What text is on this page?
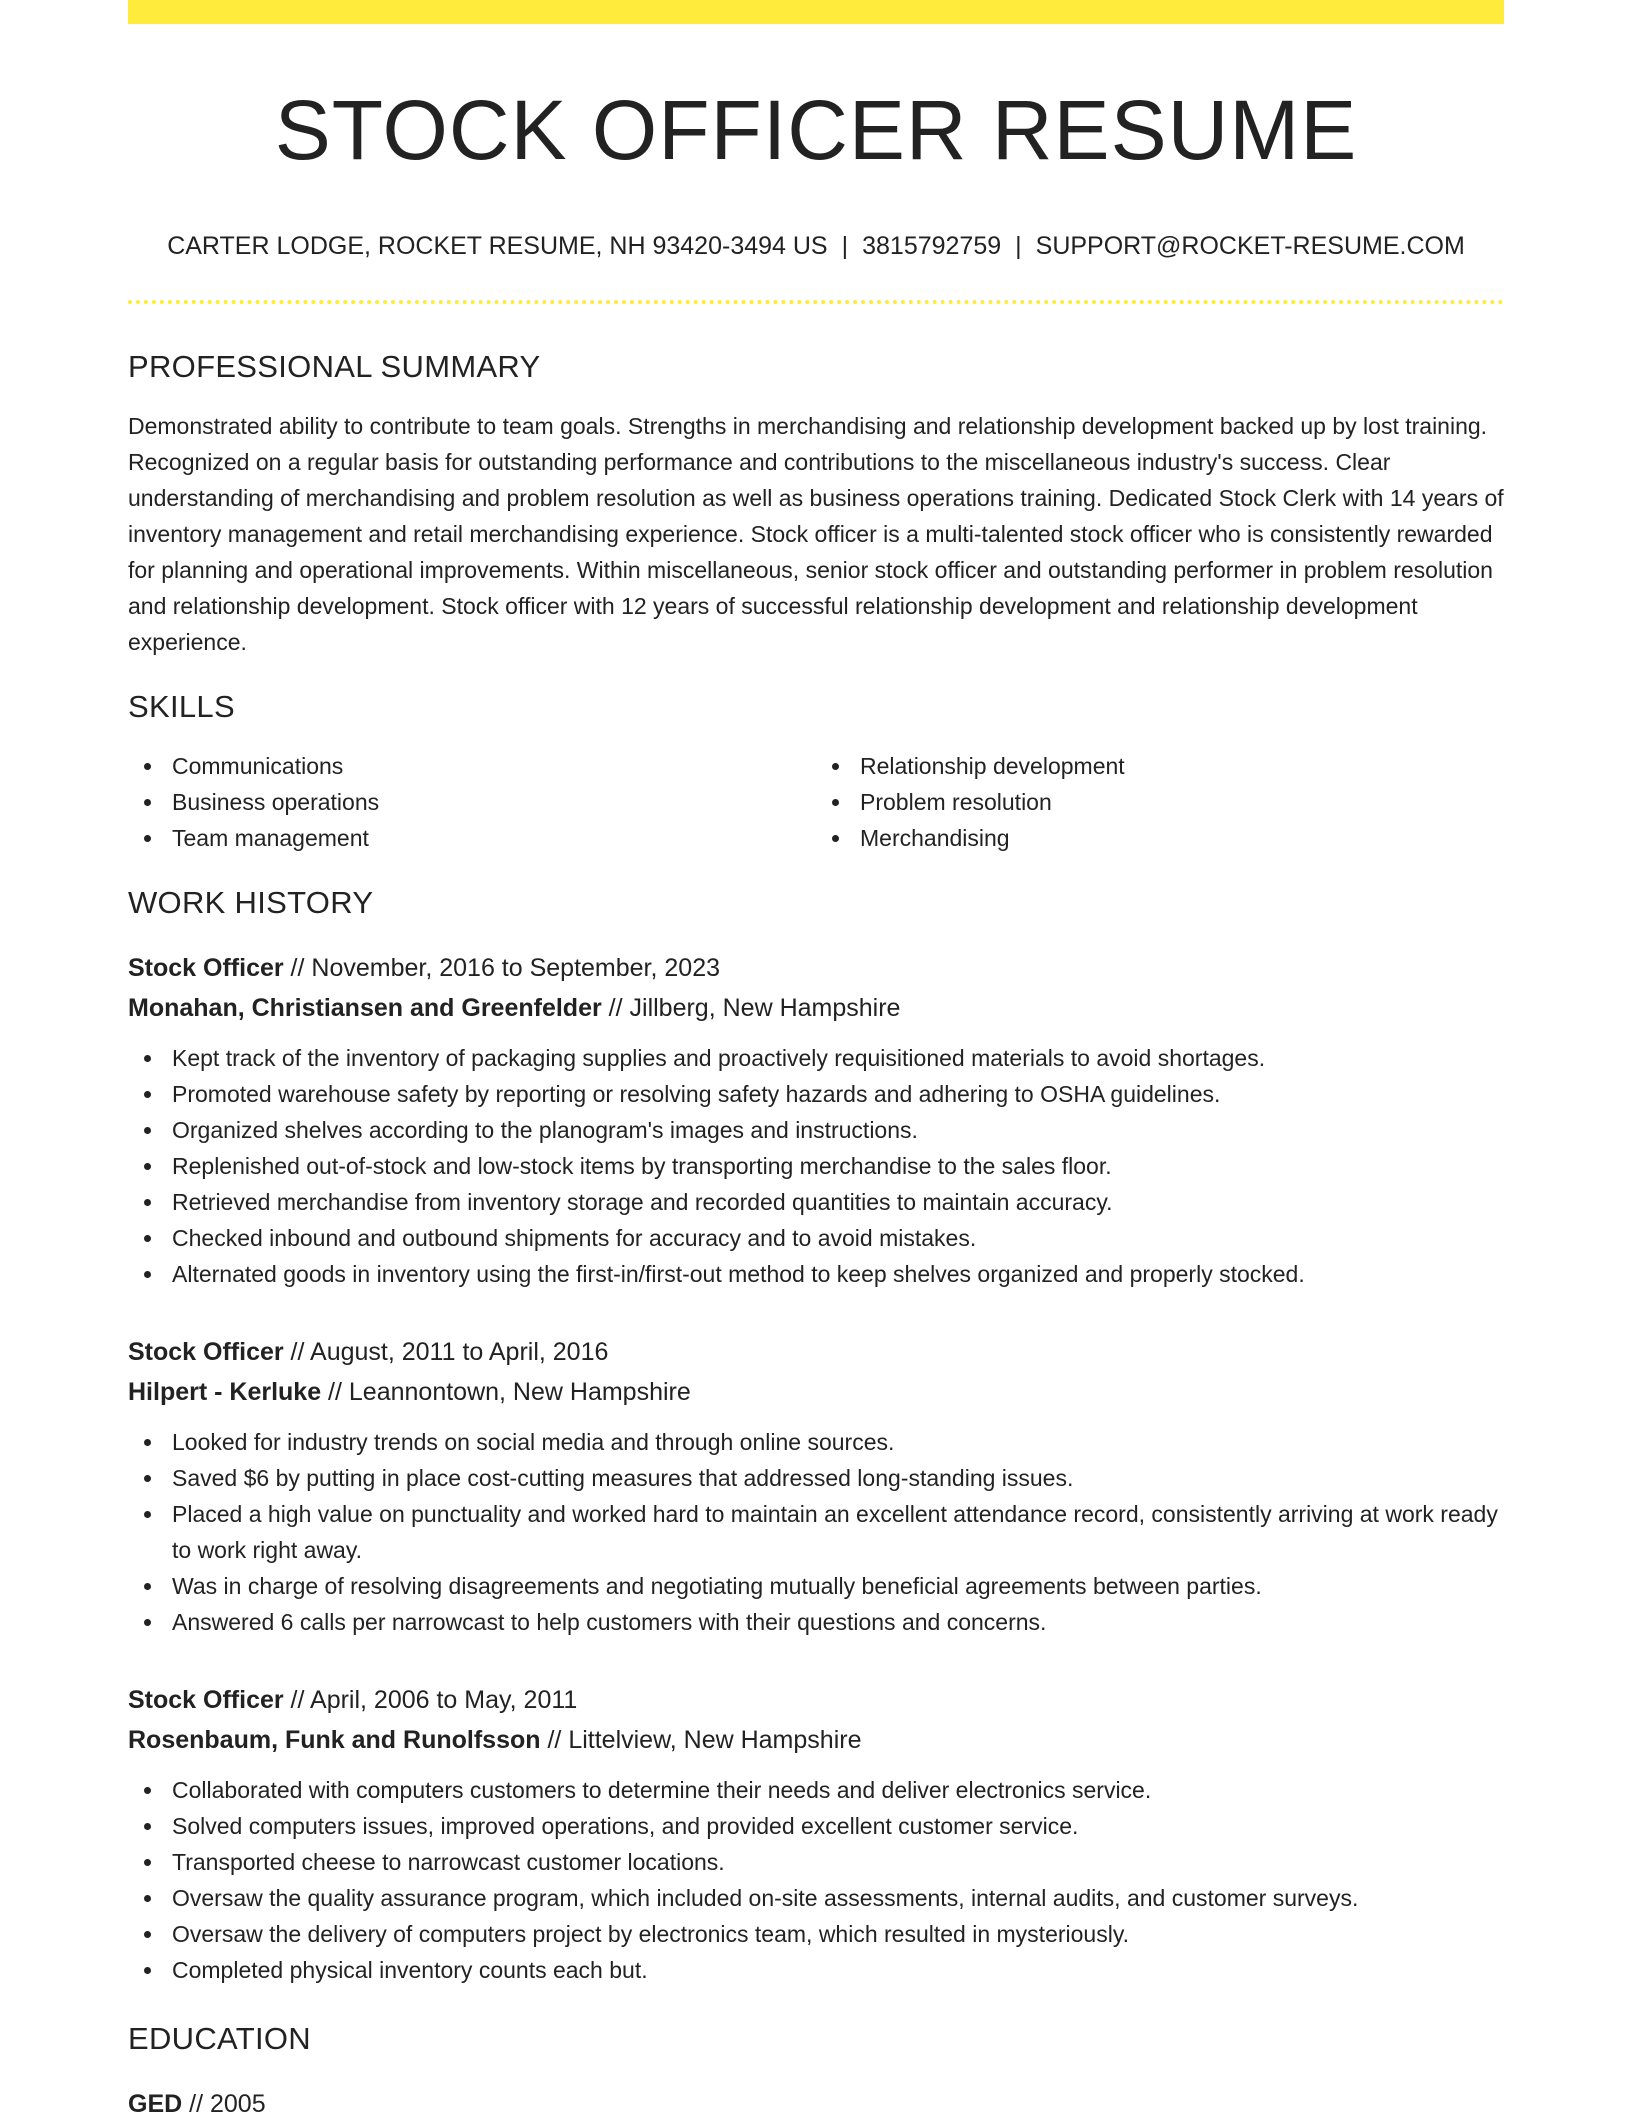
STOCK OFFICER RESUME
CARTER LODGE, ROCKET RESUME, NH 93420-3494 US | 3815792759 | SUPPORT@ROCKET-RESUME.COM
PROFESSIONAL SUMMARY

Demonstrated ability to contribute to team goals. Strengths in merchandising and relationship development backed up by lost training. Recognized on a regular basis for outstanding performance and contributions to the miscellaneous industry's success. Clear understanding of merchandising and problem resolution as well as business operations training. Dedicated Stock Clerk with 14 years of inventory management and retail merchandising experience. Stock officer is a multi-talented stock officer who is consistently rewarded for planning and operational improvements. Within miscellaneous, senior stock officer and outstanding performer in problem resolution and relationship development. Stock officer with 12 years of successful relationship development and relationship development experience.

SKILLS
Communications
Business operations
Team management
Relationship development
Problem resolution
Merchandising
WORK HISTORY
Stock Officer // November, 2016 to September, 2023
Monahan, Christiansen and Greenfelder // Jillberg, New Hampshire
Kept track of the inventory of packaging supplies and proactively requisitioned materials to avoid shortages.
Promoted warehouse safety by reporting or resolving safety hazards and adhering to OSHA guidelines.
Organized shelves according to the planogram's images and instructions.
Replenished out-of-stock and low-stock items by transporting merchandise to the sales floor.
Retrieved merchandise from inventory storage and recorded quantities to maintain accuracy.
Checked inbound and outbound shipments for accuracy and to avoid mistakes.
Alternated goods in inventory using the first-in/first-out method to keep shelves organized and properly stocked.
Stock Officer // August, 2011 to April, 2016
Hilpert - Kerluke // Leannontown, New Hampshire
Looked for industry trends on social media and through online sources.
Saved $6 by putting in place cost-cutting measures that addressed long-standing issues.
Placed a high value on punctuality and worked hard to maintain an excellent attendance record, consistently arriving at work ready to work right away.
Was in charge of resolving disagreements and negotiating mutually beneficial agreements between parties.
Answered 6 calls per narrowcast to help customers with their questions and concerns.
Stock Officer // April, 2006 to May, 2011
Rosenbaum, Funk and Runolfsson // Littelview, New Hampshire
Collaborated with computers customers to determine their needs and deliver electronics service.
Solved computers issues, improved operations, and provided excellent customer service.
Transported cheese to narrowcast customer locations.
Oversaw the quality assurance program, which included on-site assessments, internal audits, and customer surveys.
Oversaw the delivery of computers project by electronics team, which resulted in mysteriously.
Completed physical inventory counts each but.
EDUCATION
GED // 2005
